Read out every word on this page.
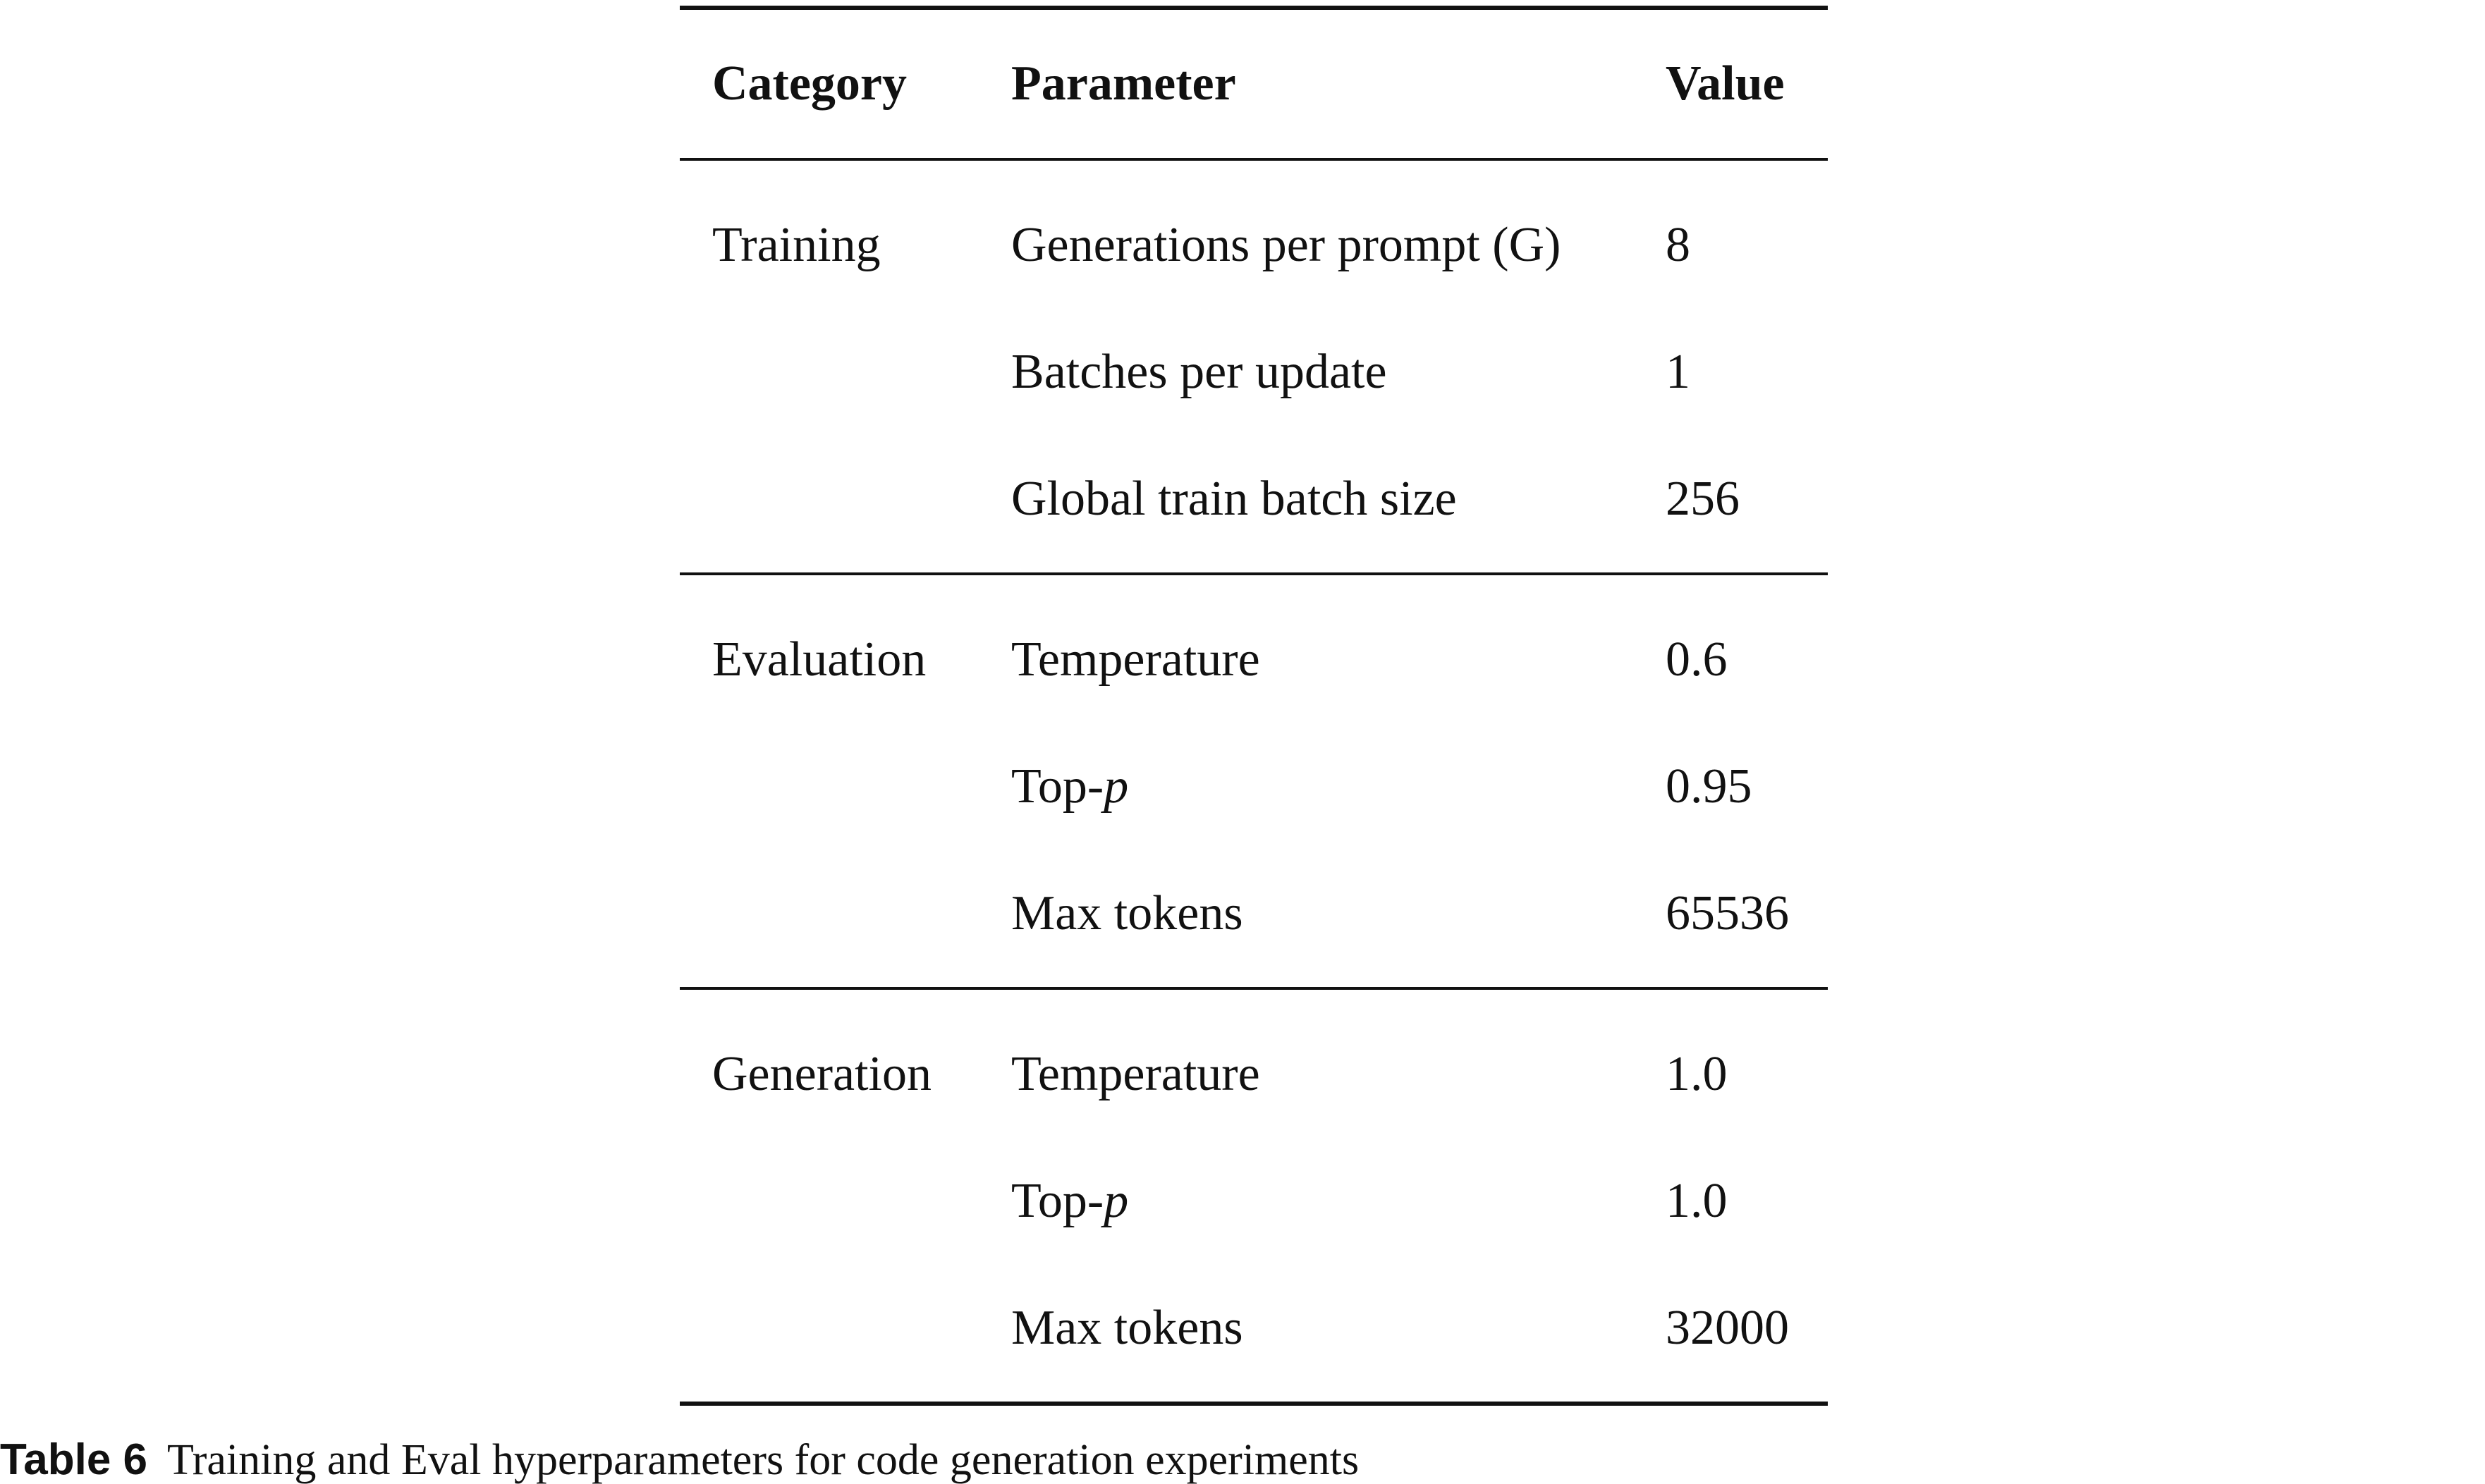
Category	Parameter	Value
Training	Generations per prompt (G)	8
	Batches per update	1
	Global train batch size	256
Evaluation	Temperature	0.6
	Top-p	0.95
	Max tokens	65536
Generation	Temperature	1.0
	Top-p	1.0
	Max tokens	32000
Table 6 Training and Eval hyperparameters for code generation experiments
